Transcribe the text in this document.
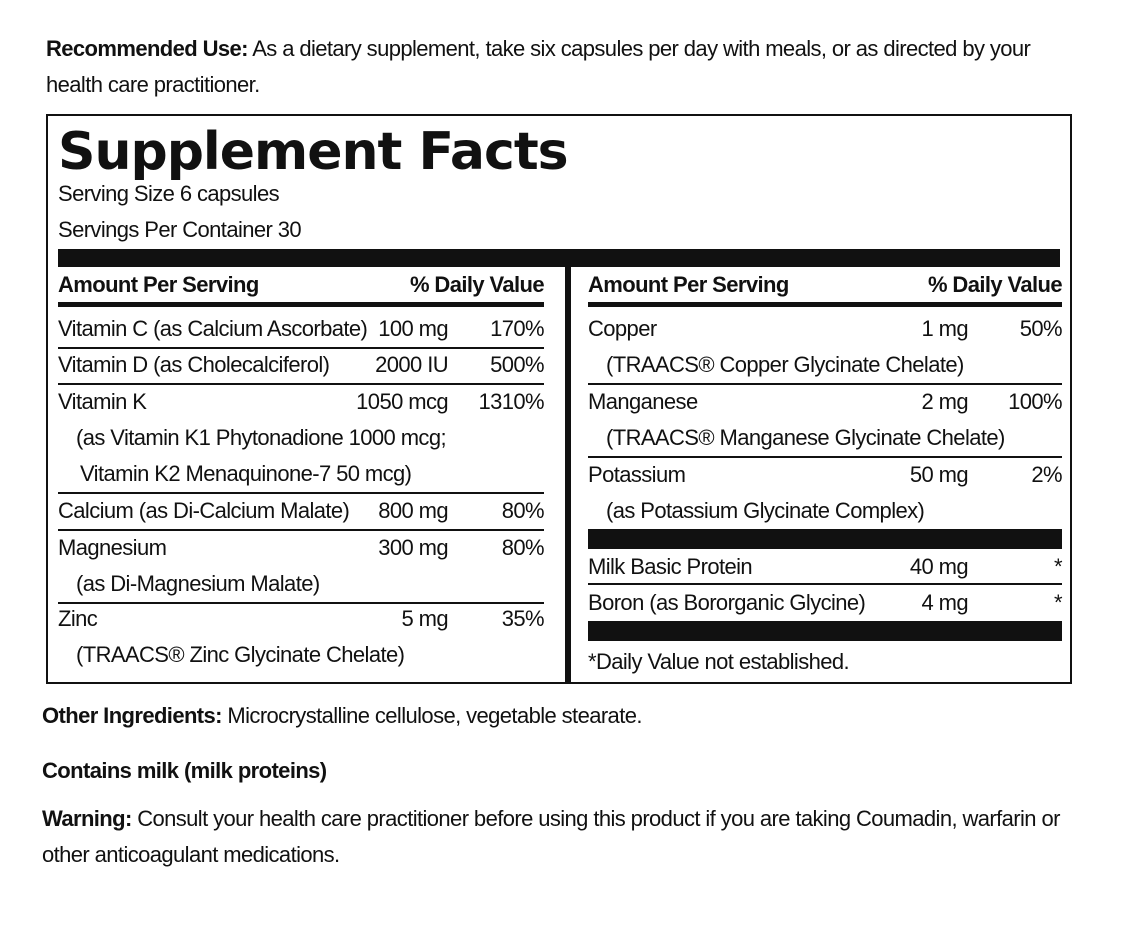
Recommended Use: As a dietary supplement, take six capsules per day with meals, or as directed by your health care practitioner.
Supplement Facts
Serving Size 6 capsules
Servings Per Container 30
Amount Per Serving	% Daily Value Amount Per Serving	% Daily Value
Vitamin C (as Calcium Ascorbate) 100 mg 170%
Vitamin D (as Cholecalciferol) 2000 IU 500%
Vitamin K	1050 mcg 1310%
(as Vitamin K1 Phytonadione 1000 mcg;
Vitamin K2 Menaquinone-7 50 mcg)
Calcium (as Di-Calcium Malate) 800 mg 80%
Magnesium	300 mg 80%
(as Di-Magnesium Malate)
Zinc	5 mg 35%
(TRAACS® Zinc Glycinate Chelate)
Copper	1 mg 50%
(TRAACS® Copper Glycinate Chelate)
Manganese	2 mg 100%
(TRAACS® Manganese Glycinate Chelate)
Potassium	50 mg	2%
(as Potassium Glycinate Complex)
Milk Basic Protein	40 mg	*
Boron (as Bororganic Glycine)	4 mg	*
*Daily Value not established.
Other Ingredients: Microcrystalline cellulose, vegetable stearate.
Contains milk (milk proteins)
Warning: Consult your health care practitioner before using this product if you are taking Coumadin, warfarin or other anticoagulant medications.
